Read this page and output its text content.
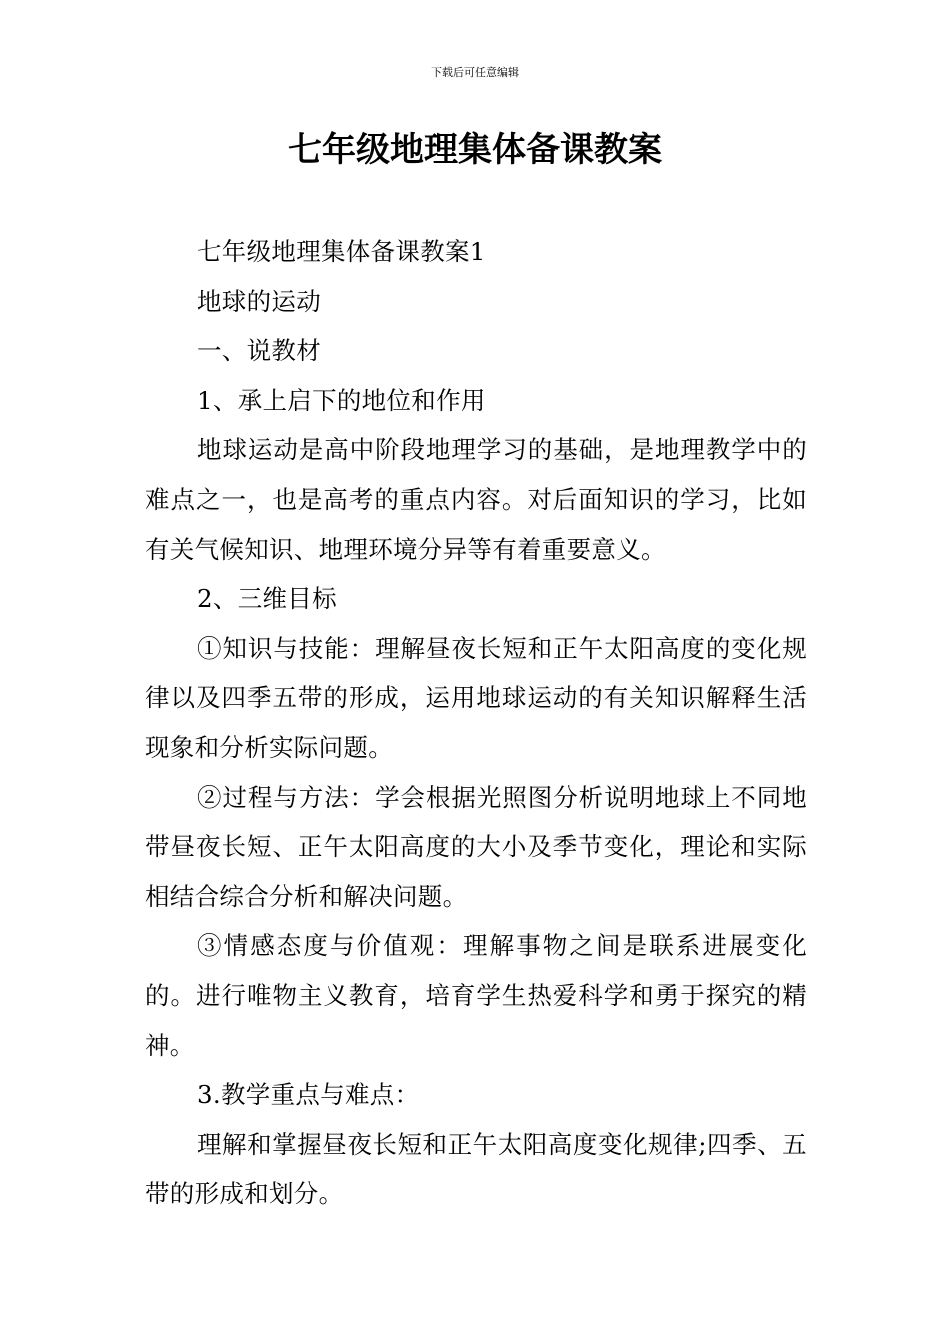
下载后可任意编辑
七年级地理集体备课教案

七年级地理集体备课教案1

地球的运动

一、说教材

1、承上启下的地位和作用

地球运动是高中阶段地理学习的基础，是地理教学中的难点之一，也是高考的重点内容。对后面知识的学习，比如有关气候知识、地理环境分异等有着重要意义。

2、三维目标

①知识与技能：理解昼夜长短和正午太阳高度的变化规律以及四季五带的形成，运用地球运动的有关知识解释生活现象和分析实际问题。

②过程与方法：学会根据光照图分析说明地球上不同地带昼夜长短、正午太阳高度的大小及季节变化，理论和实际相结合综合分析和解决问题。

③情感态度与价值观：理解事物之间是联系进展变化的。进行唯物主义教育，培育学生热爱科学和勇于探究的精神。

3.教学重点与难点：

理解和掌握昼夜长短和正午太阳高度变化规律;四季、五带的形成和划分。
